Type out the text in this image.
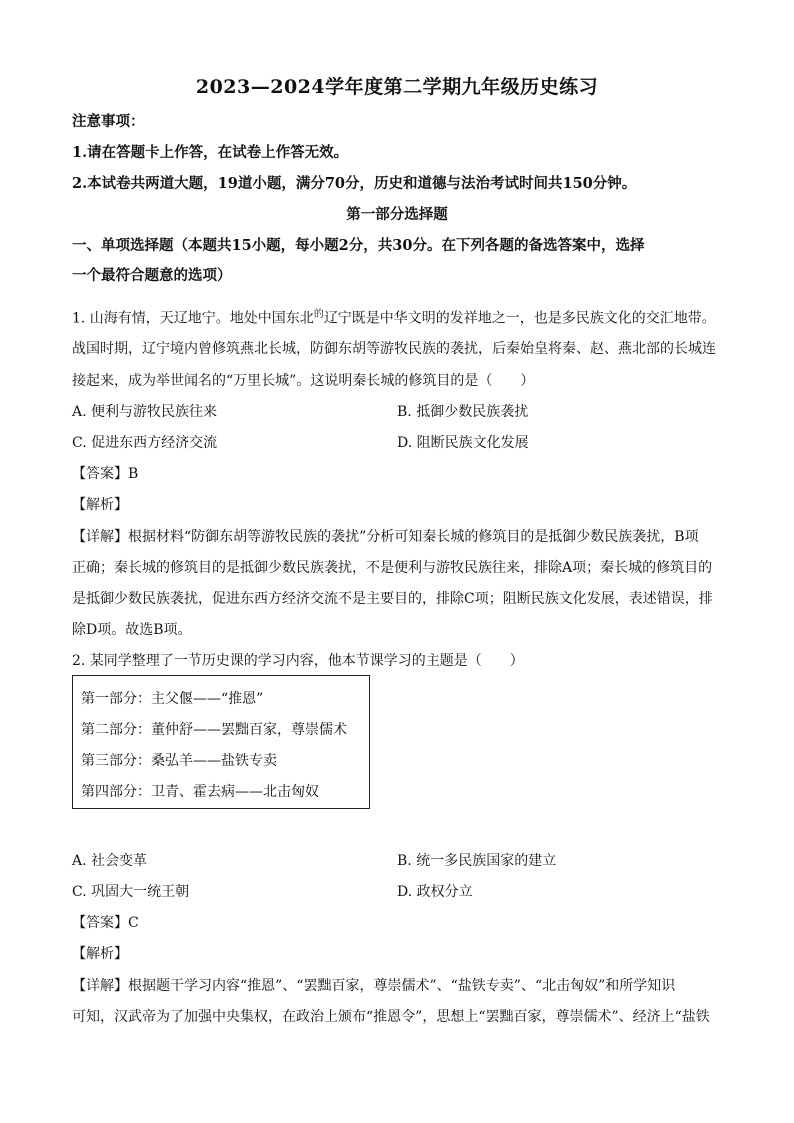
2023—2024学年度第二学期九年级历史练习
注意事项：
1.请在答题卡上作答，在试卷上作答无效。
2.本试卷共两道大题，19道小题，满分70分，历史和道德与法治考试时间共150分钟。
第一部分选择题
一、单项选择题（本题共15小题，每小题2分，共30分。在下列各题的备选答案中，选择
一个最符合题意的选项）
1. 山海有情，天辽地宁。地处中国东北$^的$辽宁既是中华文明的发祥地之一，也是多民族文化的交汇地带。
战国时期，辽宁境内曾修筑燕北长城，防御东胡等游牧民族的袭扰，后秦始皇将秦、赵、燕北部的长城连
接起来，成为举世闻名的“万里长城”。这说明秦长城的修筑目的是（　　）
A. 便利与游牧民族往来	B. 抵御少数民族袭扰
C. 促进东西方经济交流	D. 阻断民族文化发展
【答案】B
【解析】
【详解】根据材料“防御东胡等游牧民族的袭扰”分析可知秦长城的修筑目的是抵御少数民族袭扰，B项
正确；秦长城的修筑目的是抵御少数民族袭扰，不是便利与游牧民族往来，排除A项；秦长城的修筑目的
是抵御少数民族袭扰，促进东西方经济交流不是主要目的，排除C项；阻断民族文化发展，表述错误，排
除D项。故选B项。
2. 某同学整理了一节历史课的学习内容，他本节课学习的主题是（　　）
第一部分：主父偃——“推恩”
第二部分：董仲舒——罢黜百家，尊崇儒术
第三部分：桑弘羊——盐铁专卖
第四部分：卫青、霍去病——北击匈奴
A. 社会变革	B. 统一多民族国家的建立
C. 巩固大一统王朝	D. 政权分立
【答案】C
【解析】
【详解】根据题干学习内容“推恩”、“罢黜百家，尊崇儒术”、“盐铁专卖”、“北击匈奴”和所学知识
可知，汉武帝为了加强中央集权，在政治上颁布“推恩令”，思想上“罢黜百家，尊崇儒术”、经济上“盐铁
